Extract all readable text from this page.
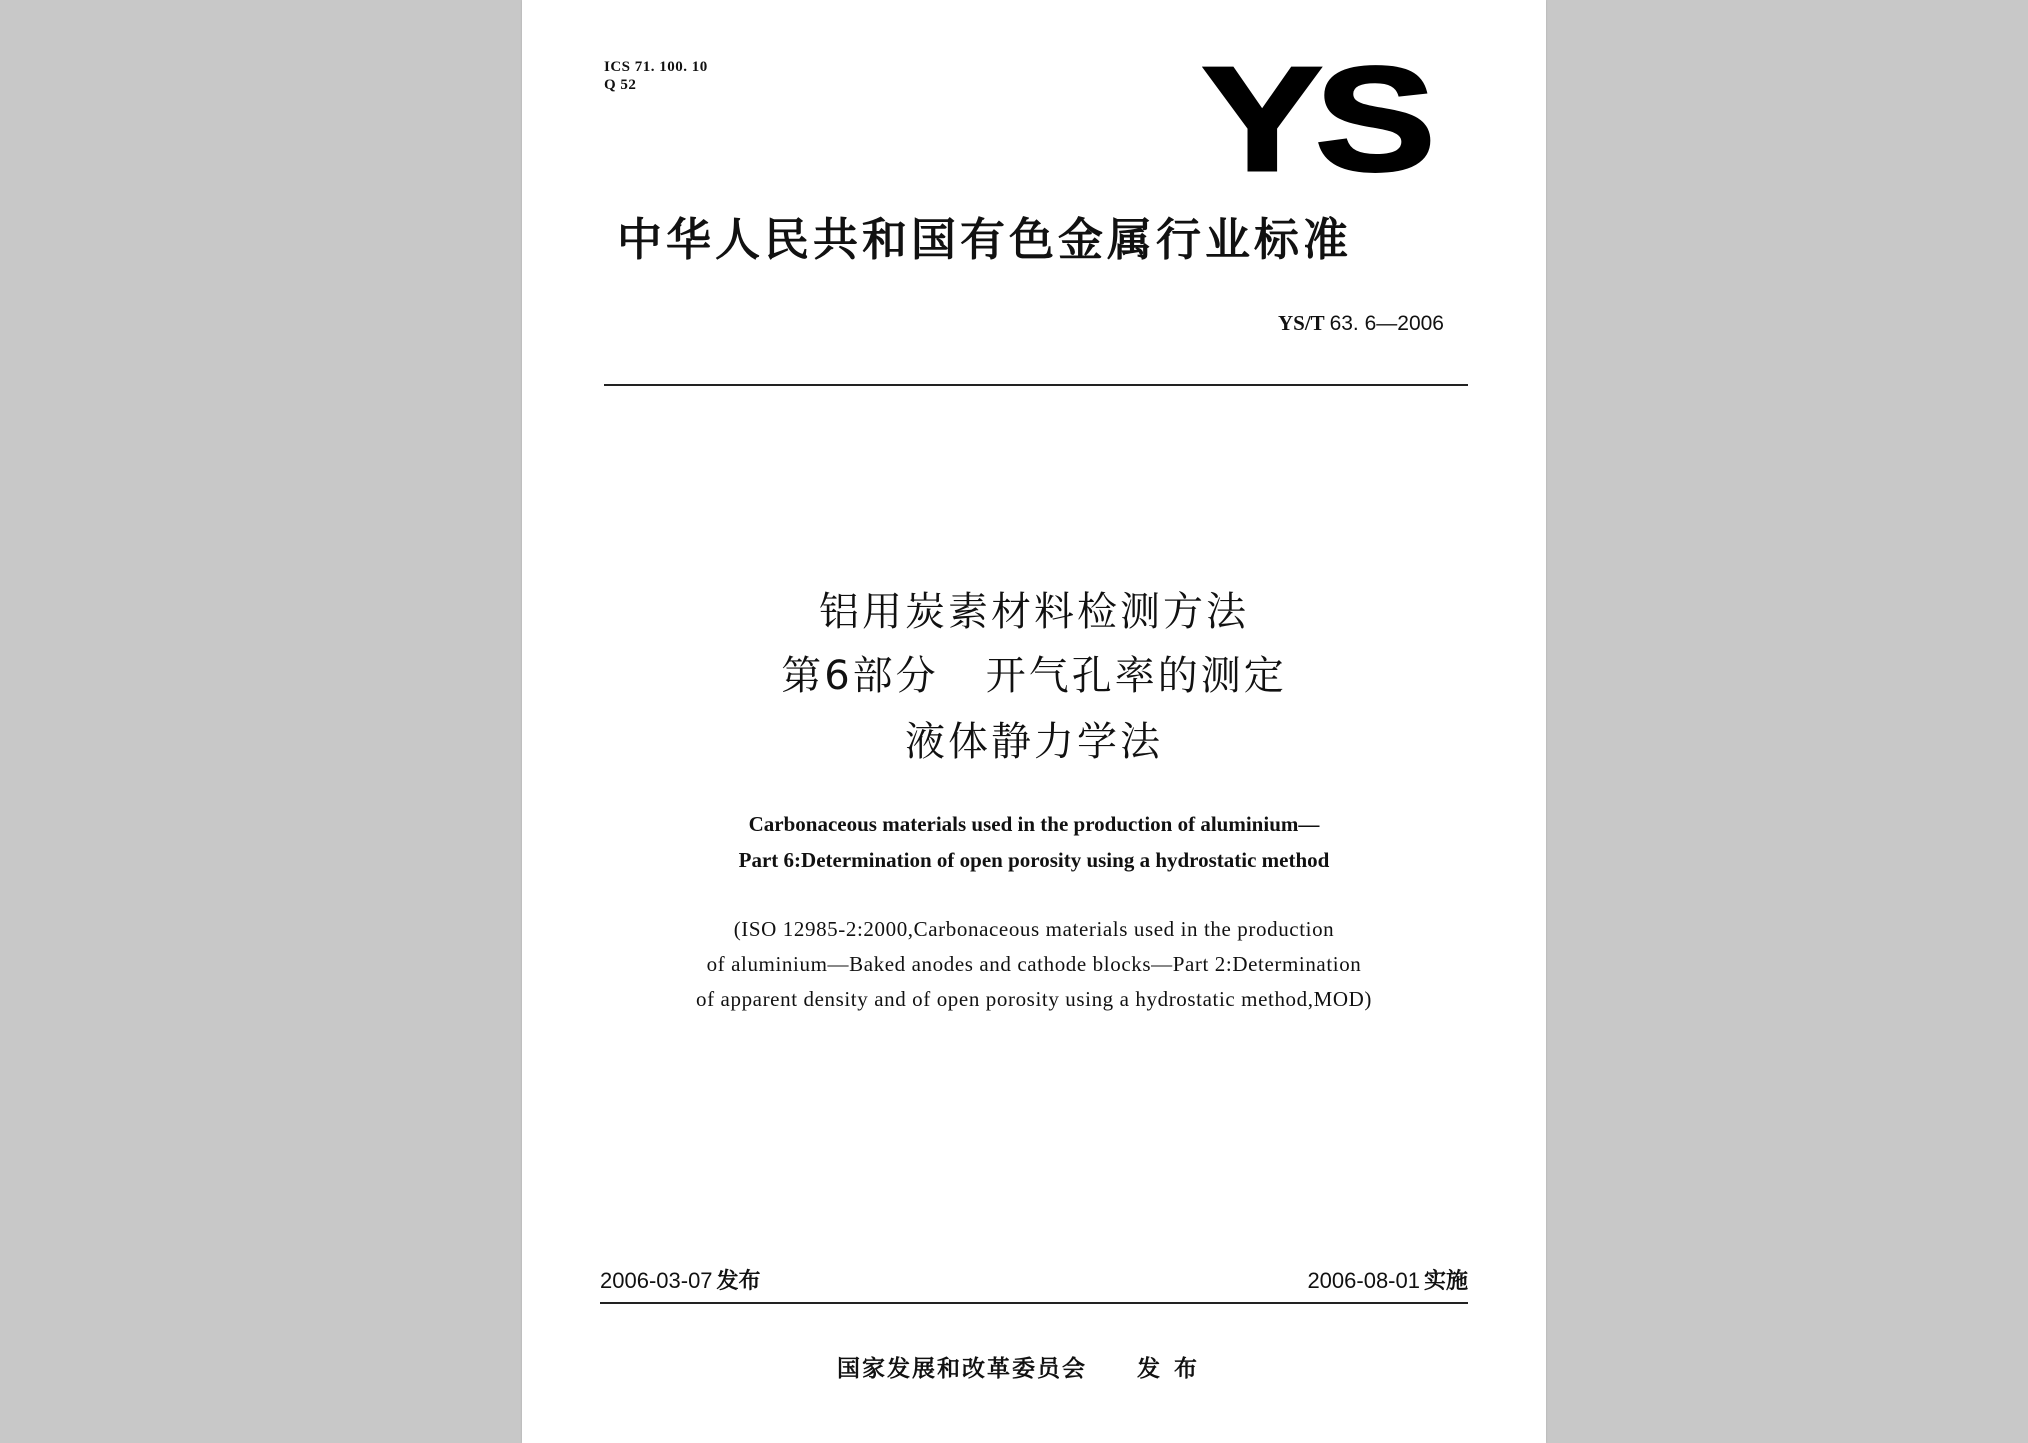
ICS 71. 100. 10
Q 52	YS
中华人民共和国有色金属行业标准
YS/T 63. 6—2006
铝用炭素材料检测方法
第6部分   开气孔率的测定
液体静力学法
Carbonaceous materials used in the production of aluminium—
Part 6:Determination of open porosity using a hydrostatic method
(ISO 12985-2:2000,Carbonaceous materials used in the production
of aluminium—Baked anodes and cathode blocks—Part 2:Determination
of apparent density and of open porosity using a hydrostatic method,MOD)
2006-03-07 发布	2006-08-01 实施
国家发展和改革委员会 发布
